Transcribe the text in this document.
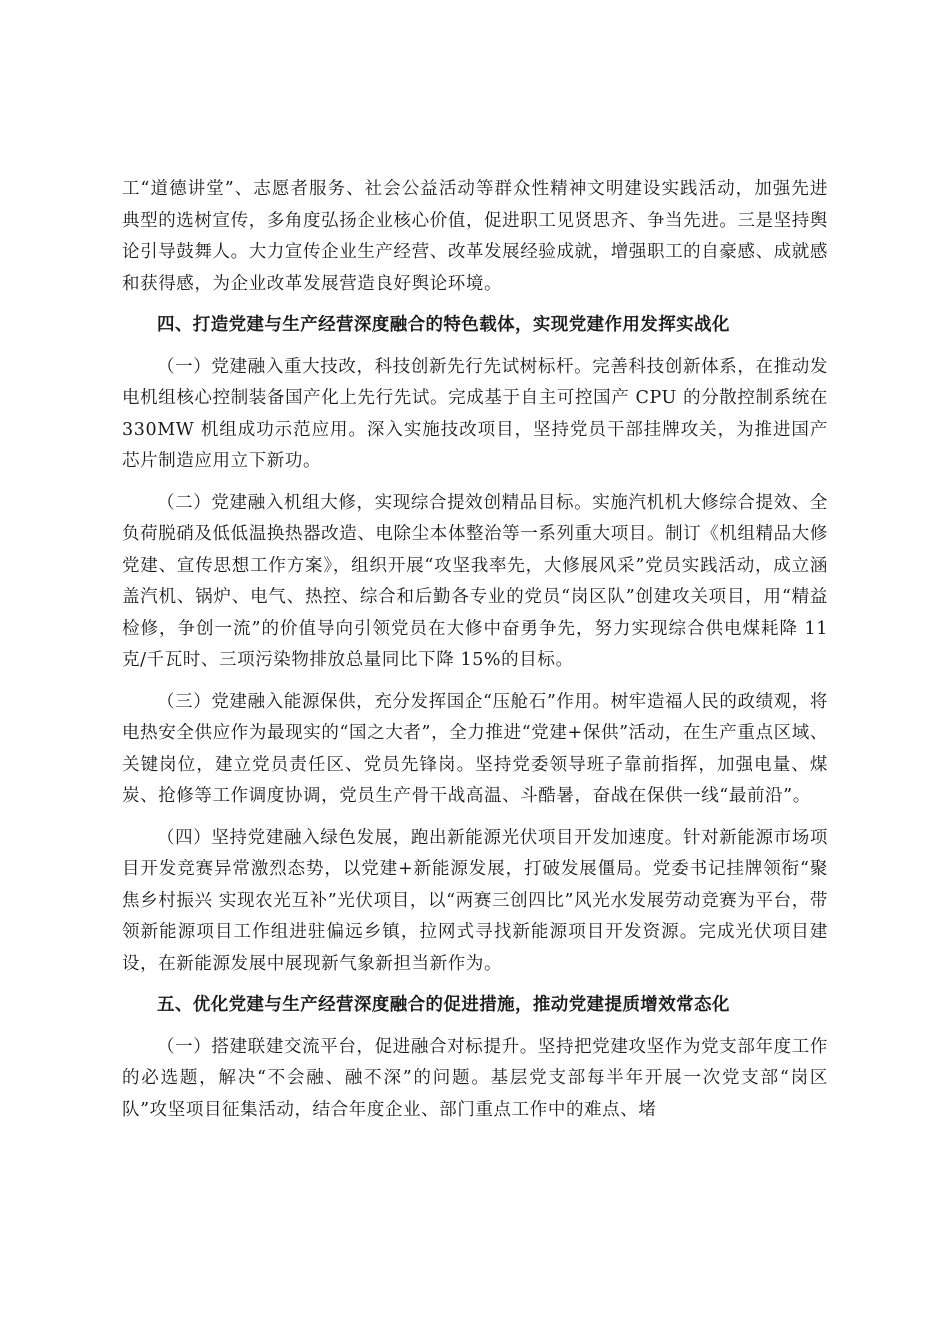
工“道德讲堂”、志愿者服务、社会公益活动等群众性精神文明建设实践活动，加强先进典型的选树宣传，多角度弘扬企业核心价值，促进职工见贤思齐、争当先进。三是坚持舆论引导鼓舞人。大力宣传企业生产经营、改革发展经验成就，增强职工的自豪感、成就感和获得感，为企业改革发展营造良好舆论环境。

四、打造党建与生产经营深度融合的特色载体，实现党建作用发挥实战化

（一）党建融入重大技改，科技创新先行先试树标杆。完善科技创新体系，在推动发电机组核心控制装备国产化上先行先试。完成基于自主可控国产 CPU 的分散控制系统在 330MW 机组成功示范应用。深入实施技改项目，坚持党员干部挂牌攻关，为推进国产芯片制造应用立下新功。

（二）党建融入机组大修，实现综合提效创精品目标。实施汽机机大修综合提效、全负荷脱硝及低低温换热器改造、电除尘本体整治等一系列重大项目。制订《机组精品大修党建、宣传思想工作方案》，组织开展“攻坚我率先，大修展风采”党员实践活动，成立涵盖汽机、锅炉、电气、热控、综合和后勤各专业的党员“岗区队”创建攻关项目，用“精益检修，争创一流”的价值导向引领党员在大修中奋勇争先，努力实现综合供电煤耗降 11 克/千瓦时、三项污染物排放总量同比下降 15%的目标。

（三）党建融入能源保供，充分发挥国企“压舱石”作用。树牢造福人民的政绩观，将电热安全供应作为最现实的“国之大者”，全力推进“党建+保供”活动，在生产重点区域、关键岗位，建立党员责任区、党员先锋岗。坚持党委领导班子靠前指挥，加强电量、煤炭、抢修等工作调度协调，党员生产骨干战高温、斗酷暑，奋战在保供一线“最前沿”。

（四）坚持党建融入绿色发展，跑出新能源光伏项目开发加速度。针对新能源市场项目开发竞赛异常激烈态势，以党建+新能源发展，打破发展僵局。党委书记挂牌领衔“聚焦乡村振兴 实现农光互补”光伏项目，以“两赛三创四比”风光水发展劳动竞赛为平台，带领新能源项目工作组进驻偏远乡镇，拉网式寻找新能源项目开发资源。完成光伏项目建设，在新能源发展中展现新气象新担当新作为。

五、优化党建与生产经营深度融合的促进措施，推动党建提质增效常态化

（一）搭建联建交流平台，促进融合对标提升。坚持把党建攻坚作为党支部年度工作的必选题，解决“不会融、融不深”的问题。基层党支部每半年开展一次党支部“岗区队”攻坚项目征集活动，结合年度企业、部门重点工作中的难点、堵
